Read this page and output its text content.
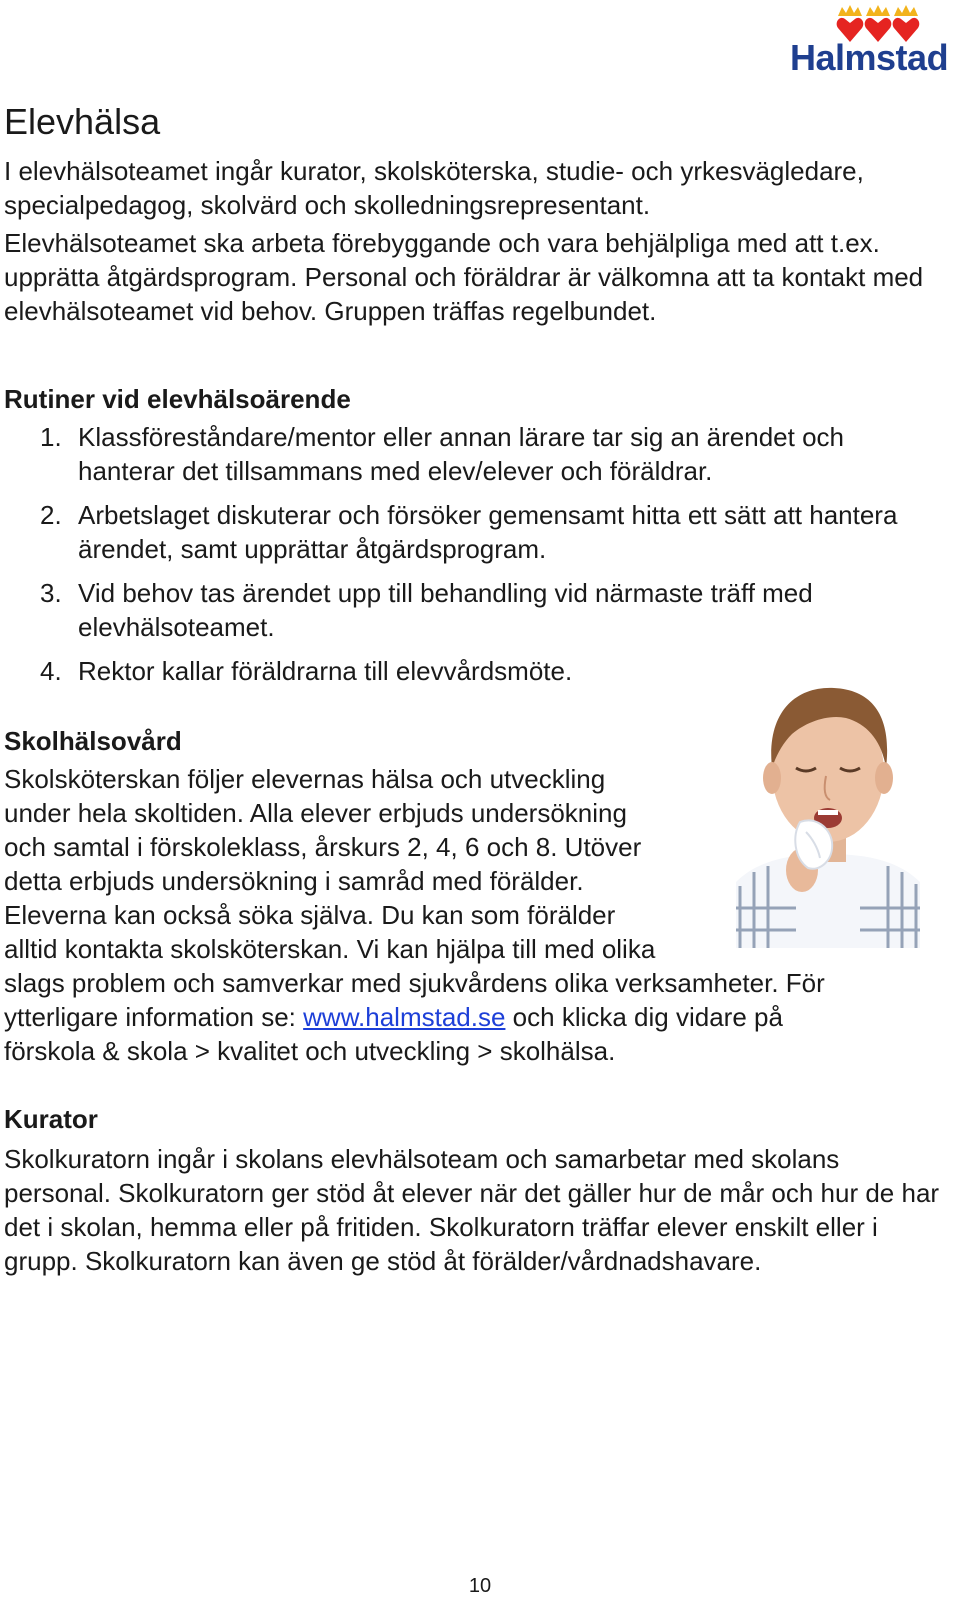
Halmstad
Elevhälsa

I elevhälsoteamet ingår kurator, skolsköterska, studie- och yrkesvägledare, specialpedagog, skolvärd och skolledningsrepresentant.

Elevhälsoteamet ska arbeta förebyggande och vara behjälpliga med att t.ex. upprätta åtgärdsprogram. Personal och föräldrar är välkomna att ta kontakt med elevhälsoteamet vid behov. Gruppen träffas regelbundet.

Rutiner vid elevhälsoärende
1. Klassföreståndare/mentor eller annan lärare tar sig an ärendet och hanterar det tillsammans med elev/elever och föräldrar.
2. Arbetslaget diskuterar och försöker gemensamt hitta ett sätt att hantera ärendet, samt upprättar åtgärdsprogram.
3. Vid behov tas ärendet upp till behandling vid närmaste träff med elevhälsoteamet.
4. Rektor kallar föräldrarna till elevvårdsmöte.
Skolhälsovård
Skolsköterskan följer elevernas hälsa och utveckling
under hela skoltiden. Alla elever erbjuds undersökning
och samtal i förskoleklass, årskurs 2, 4, 6 och 8. Utöver
detta erbjuds undersökning i samråd med förälder.
Eleverna kan också söka själva. Du kan som förälder
alltid kontakta skolsköterskan. Vi kan hjälpa till med olika
slags problem och samverkar med sjukvårdens olika verksamheter. För
ytterligare information se: www.halmstad.se och klicka dig vidare på
förskola & skola > kvalitet och utveckling > skolhälsa.
Kurator

Skolkuratorn ingår i skolans elevhälsoteam och samarbetar med skolans personal. Skolkuratorn ger stöd åt elever när det gäller hur de mår och hur de har det i skolan, hemma eller på fritiden. Skolkuratorn träffar elever enskilt eller i grupp. Skolkuratorn kan även ge stöd åt förälder/vårdnadshavare.

10
